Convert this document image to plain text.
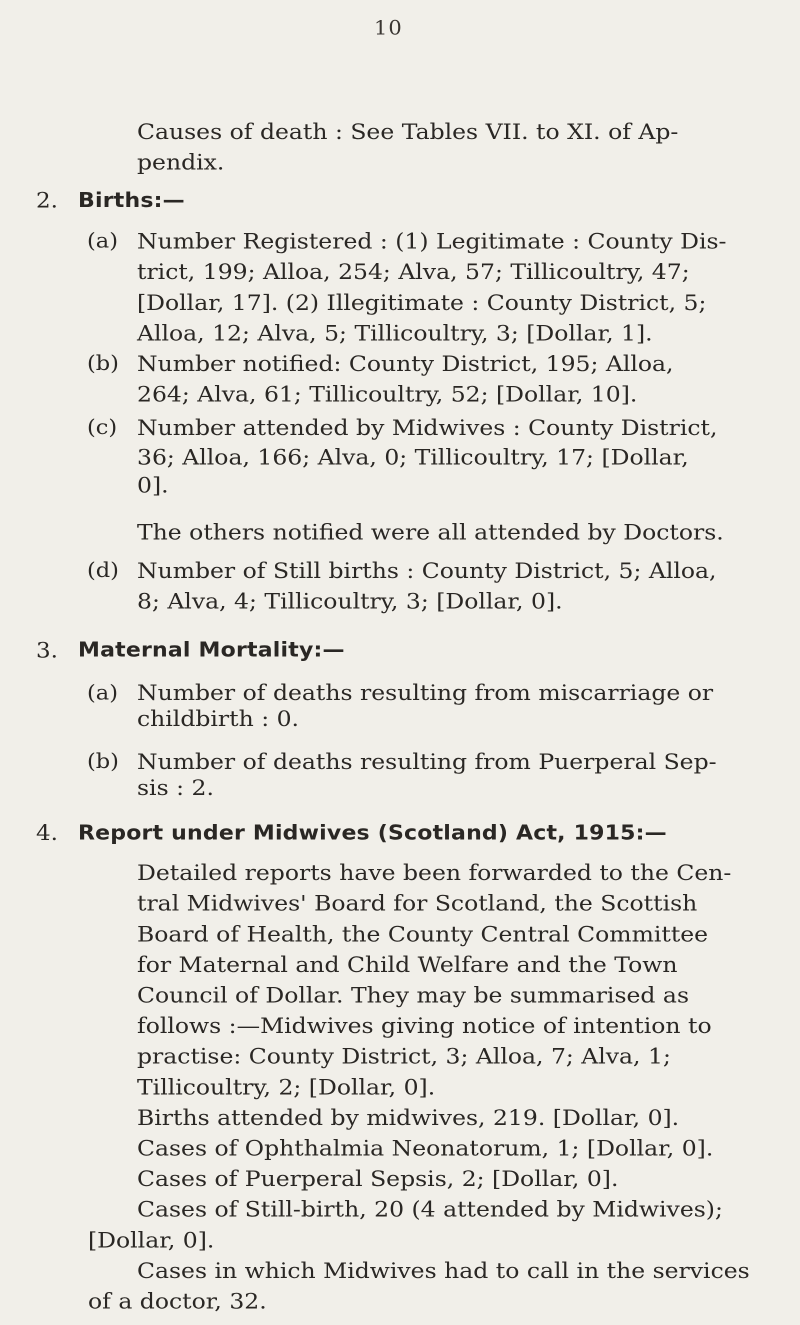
10
Causes of death : See Tables VII. to XI. of Ap-
pendix.
2. Births:—
(a) Number Registered : (1) Legitimate : County Dis-
trict, 199; Alloa, 254; Alva, 57; Tillicoultry, 47;
[Dollar, 17]. (2) Illegitimate : County District, 5;
Alloa, 12; Alva, 5; Tillicoultry, 3; [Dollar, 1].
(b) Number notified: County District, 195; Alloa,
264; Alva, 61; Tillicoultry, 52; [Dollar, 10].
(c) Number attended by Midwives : County District,
36; Alloa, 166; Alva, 0; Tillicoultry, 17; [Dollar,
0].
The others notified were all attended by Doctors.
(d) Number of Still births : County District, 5; Alloa,
8; Alva, 4; Tillicoultry, 3; [Dollar, 0].
3. Maternal Mortality:—
(a) Number of deaths resulting from miscarriage or
childbirth : 0.
(b) Number of deaths resulting from Puerperal Sep-
sis : 2.
4. Report under Midwives (Scotland) Act, 1915:—
Detailed reports have been forwarded to the Cen-
tral Midwives' Board for Scotland, the Scottish
Board of Health, the County Central Committee
for Maternal and Child Welfare and the Town
Council of Dollar. They may be summarised as
follows :—Midwives giving notice of intention to
practise: County District, 3; Alloa, 7; Alva, 1;
Tillicoultry, 2; [Dollar, 0].
Births attended by midwives, 219. [Dollar, 0].
Cases of Ophthalmia Neonatorum, 1; [Dollar, 0].
Cases of Puerperal Sepsis, 2; [Dollar, 0].
Cases of Still-birth, 20 (4 attended by Midwives);
[Dollar, 0].
Cases in which Midwives had to call in the services
of a doctor, 32.
